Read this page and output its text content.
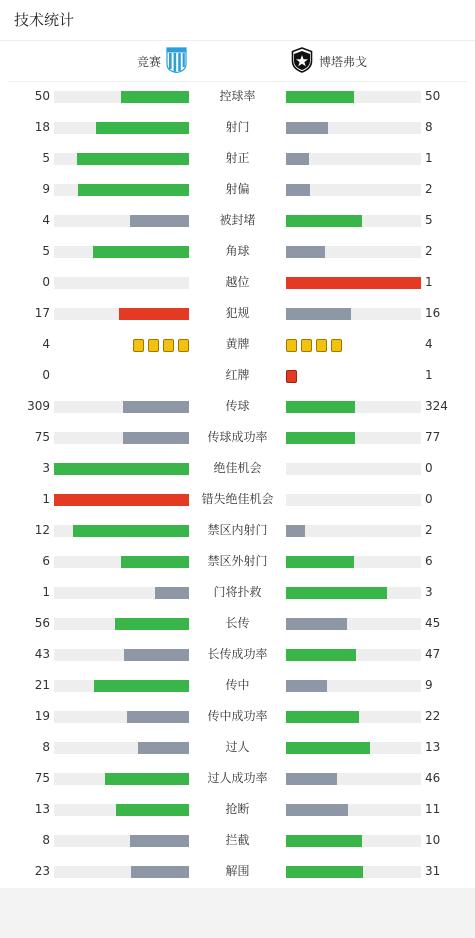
技术统计
竞赛	博塔弗戈
50	控球率	50
18	射门	8
5	射正	1
9	射偏	2
4	被封堵	5
5	角球	2
0	越位	1
17	犯规	16
4	黄牌	4
0	红牌	1
309	传球	324
75	传球成功率	77
3	绝佳机会	0
1	错失绝佳机会	0
12	禁区内射门	2
6	禁区外射门	6
1	门将扑救	3
56	长传	45
43	长传成功率	47
21	传中	9
19	传中成功率	22
8	过人	13
75	过人成功率	46
13	抢断	11
8	拦截	10
23	解围	31
